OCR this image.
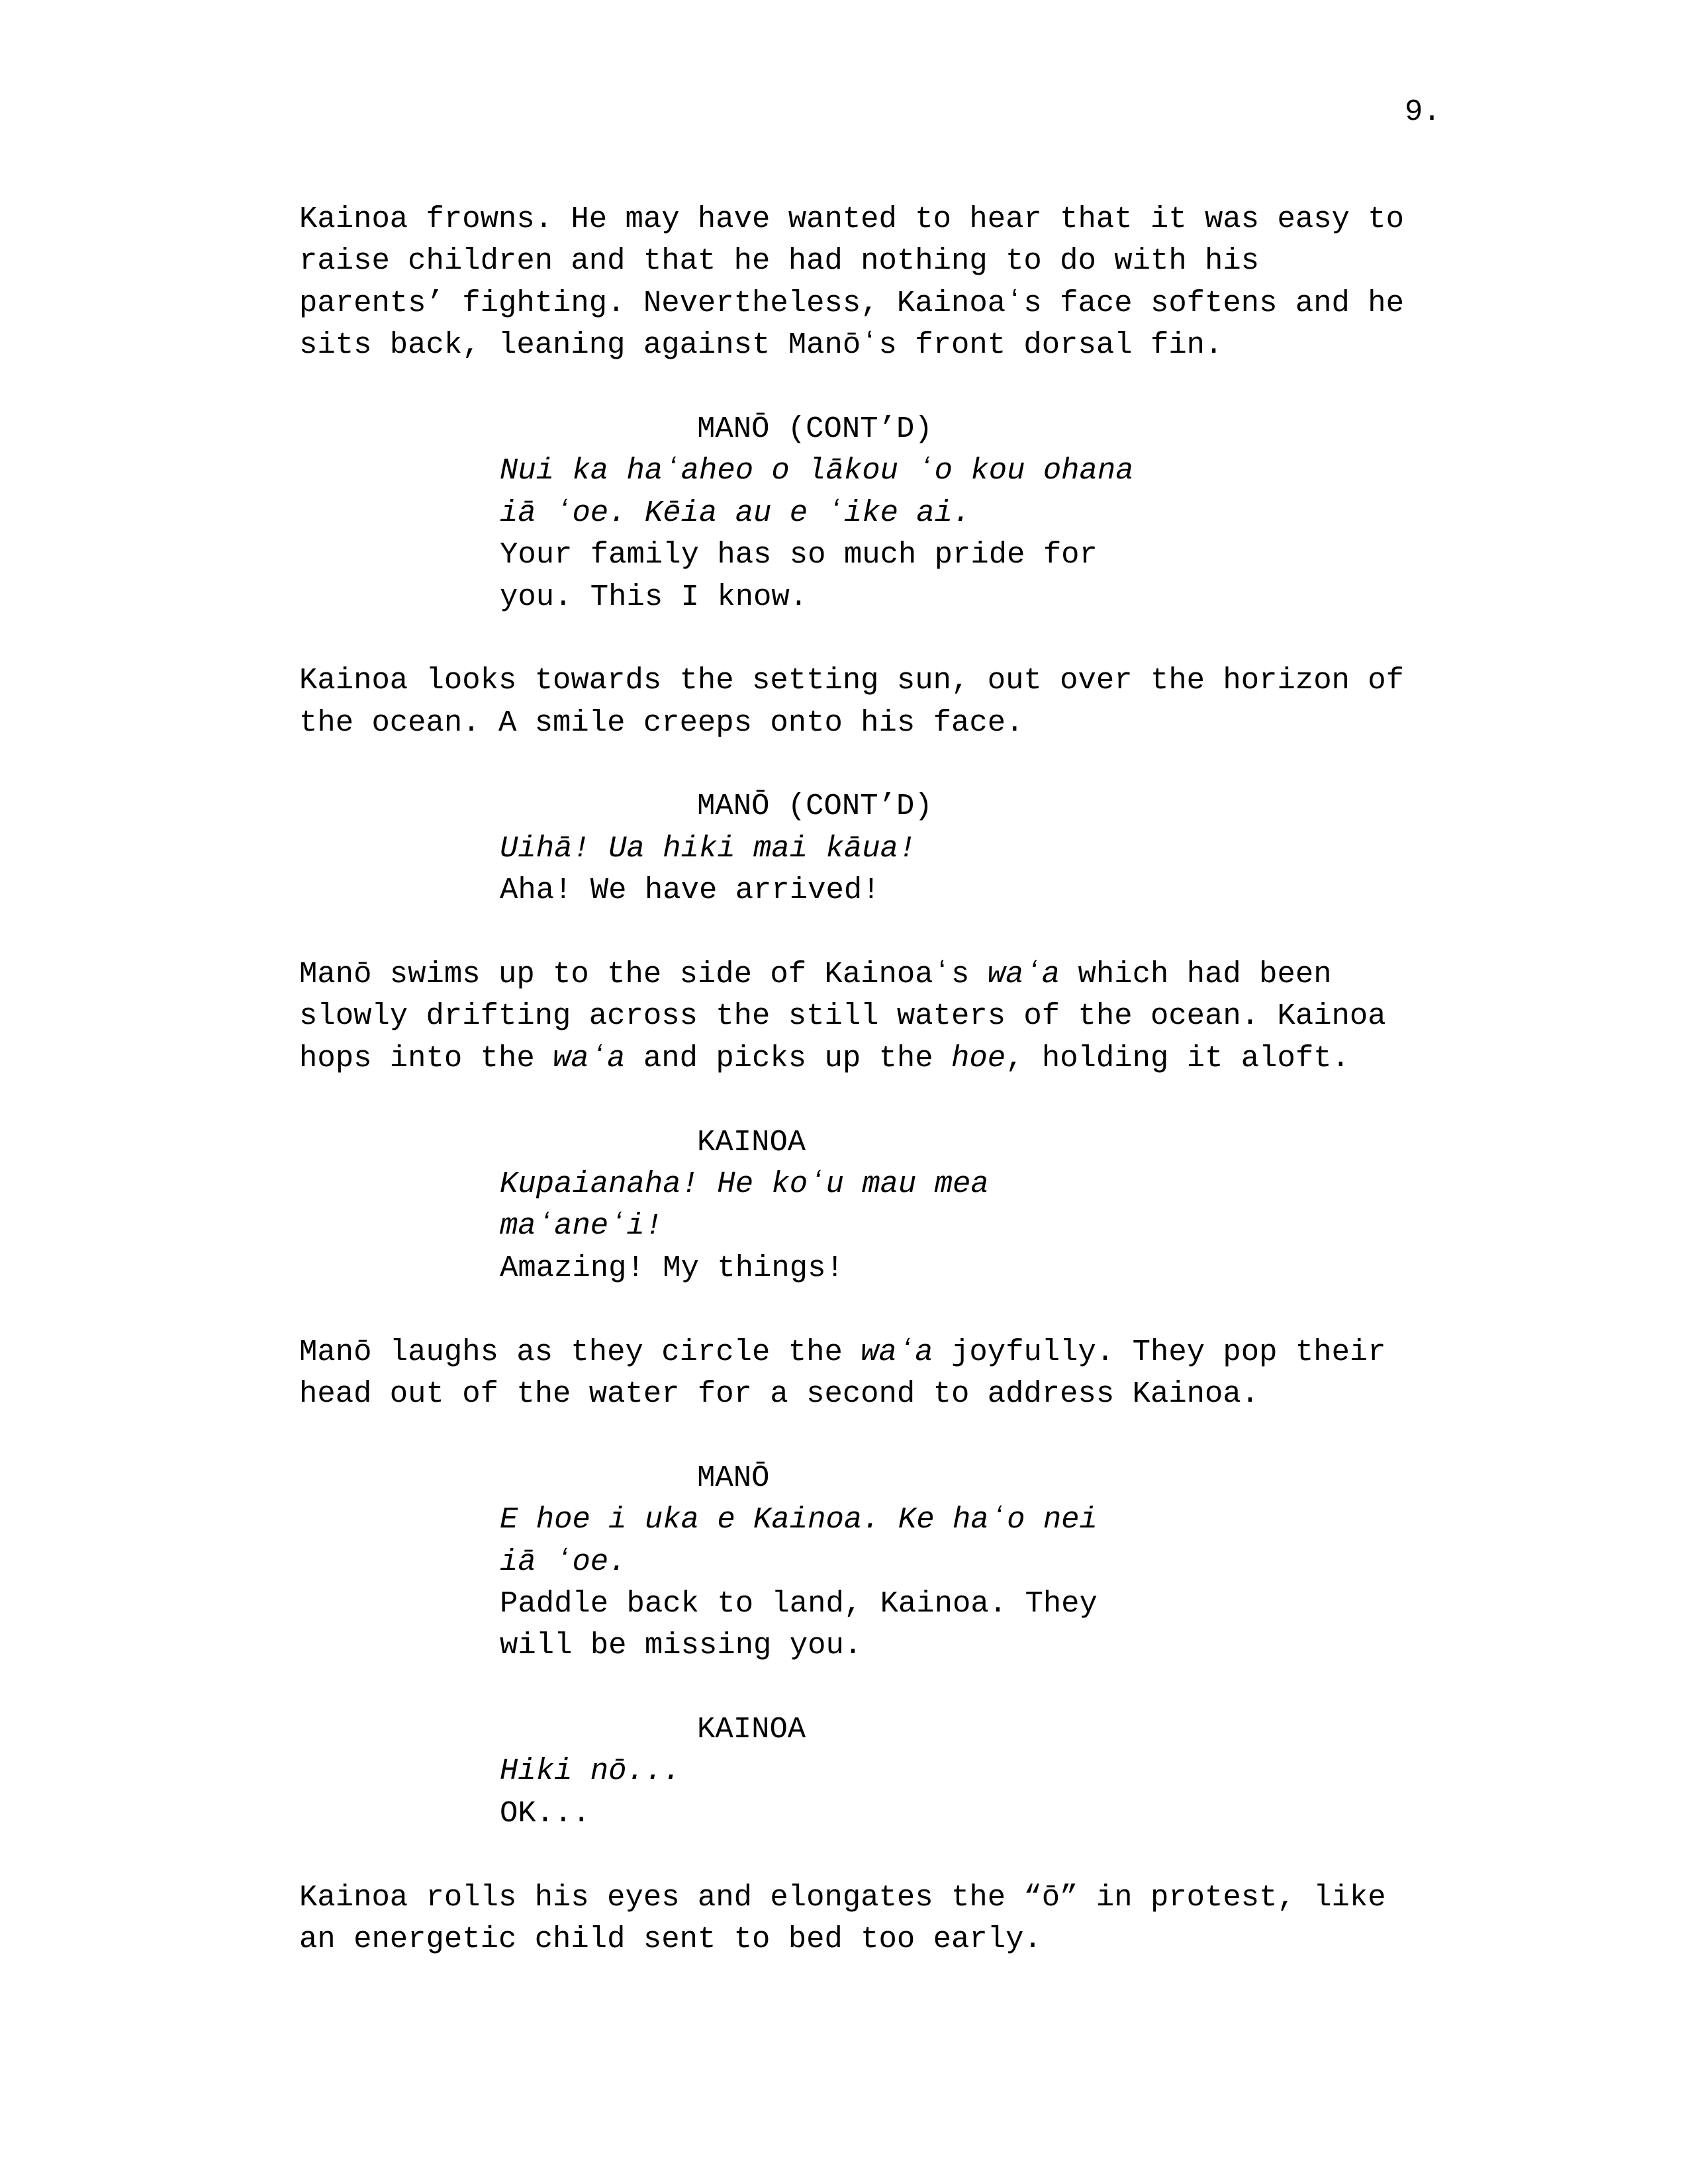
9.
Kainoa frowns. He may have wanted to hear that it was easy to
raise children and that he had nothing to do with his
parents’ fighting. Nevertheless, Kainoaʻs face softens and he
sits back, leaning against Manōʻs front dorsal fin.
MANŌ (CONT’D)
Nui ka haʻaheo o lākou ʻo kou ohana
iā ʻoe. Kēia au e ʻike ai.
Your family has so much pride for
you. This I know.
Kainoa looks towards the setting sun, out over the horizon of
the ocean. A smile creeps onto his face.
MANŌ (CONT’D)
Uihā! Ua hiki mai kāua!
Aha! We have arrived!
Manō swims up to the side of Kainoaʻs waʻa which had been
slowly drifting across the still waters of the ocean. Kainoa
hops into the waʻa and picks up the hoe, holding it aloft.
KAINOA
Kupaianaha! He koʻu mau mea
maʻaneʻi!
Amazing! My things!
Manō laughs as they circle the waʻa joyfully. They pop their
head out of the water for a second to address Kainoa.
MANŌ
E hoe i uka e Kainoa. Ke haʻo nei
iā ʻoe.
Paddle back to land, Kainoa. They
will be missing you.
KAINOA
Hiki nō...
OK...
Kainoa rolls his eyes and elongates the “ō” in protest, like
an energetic child sent to bed too early.
